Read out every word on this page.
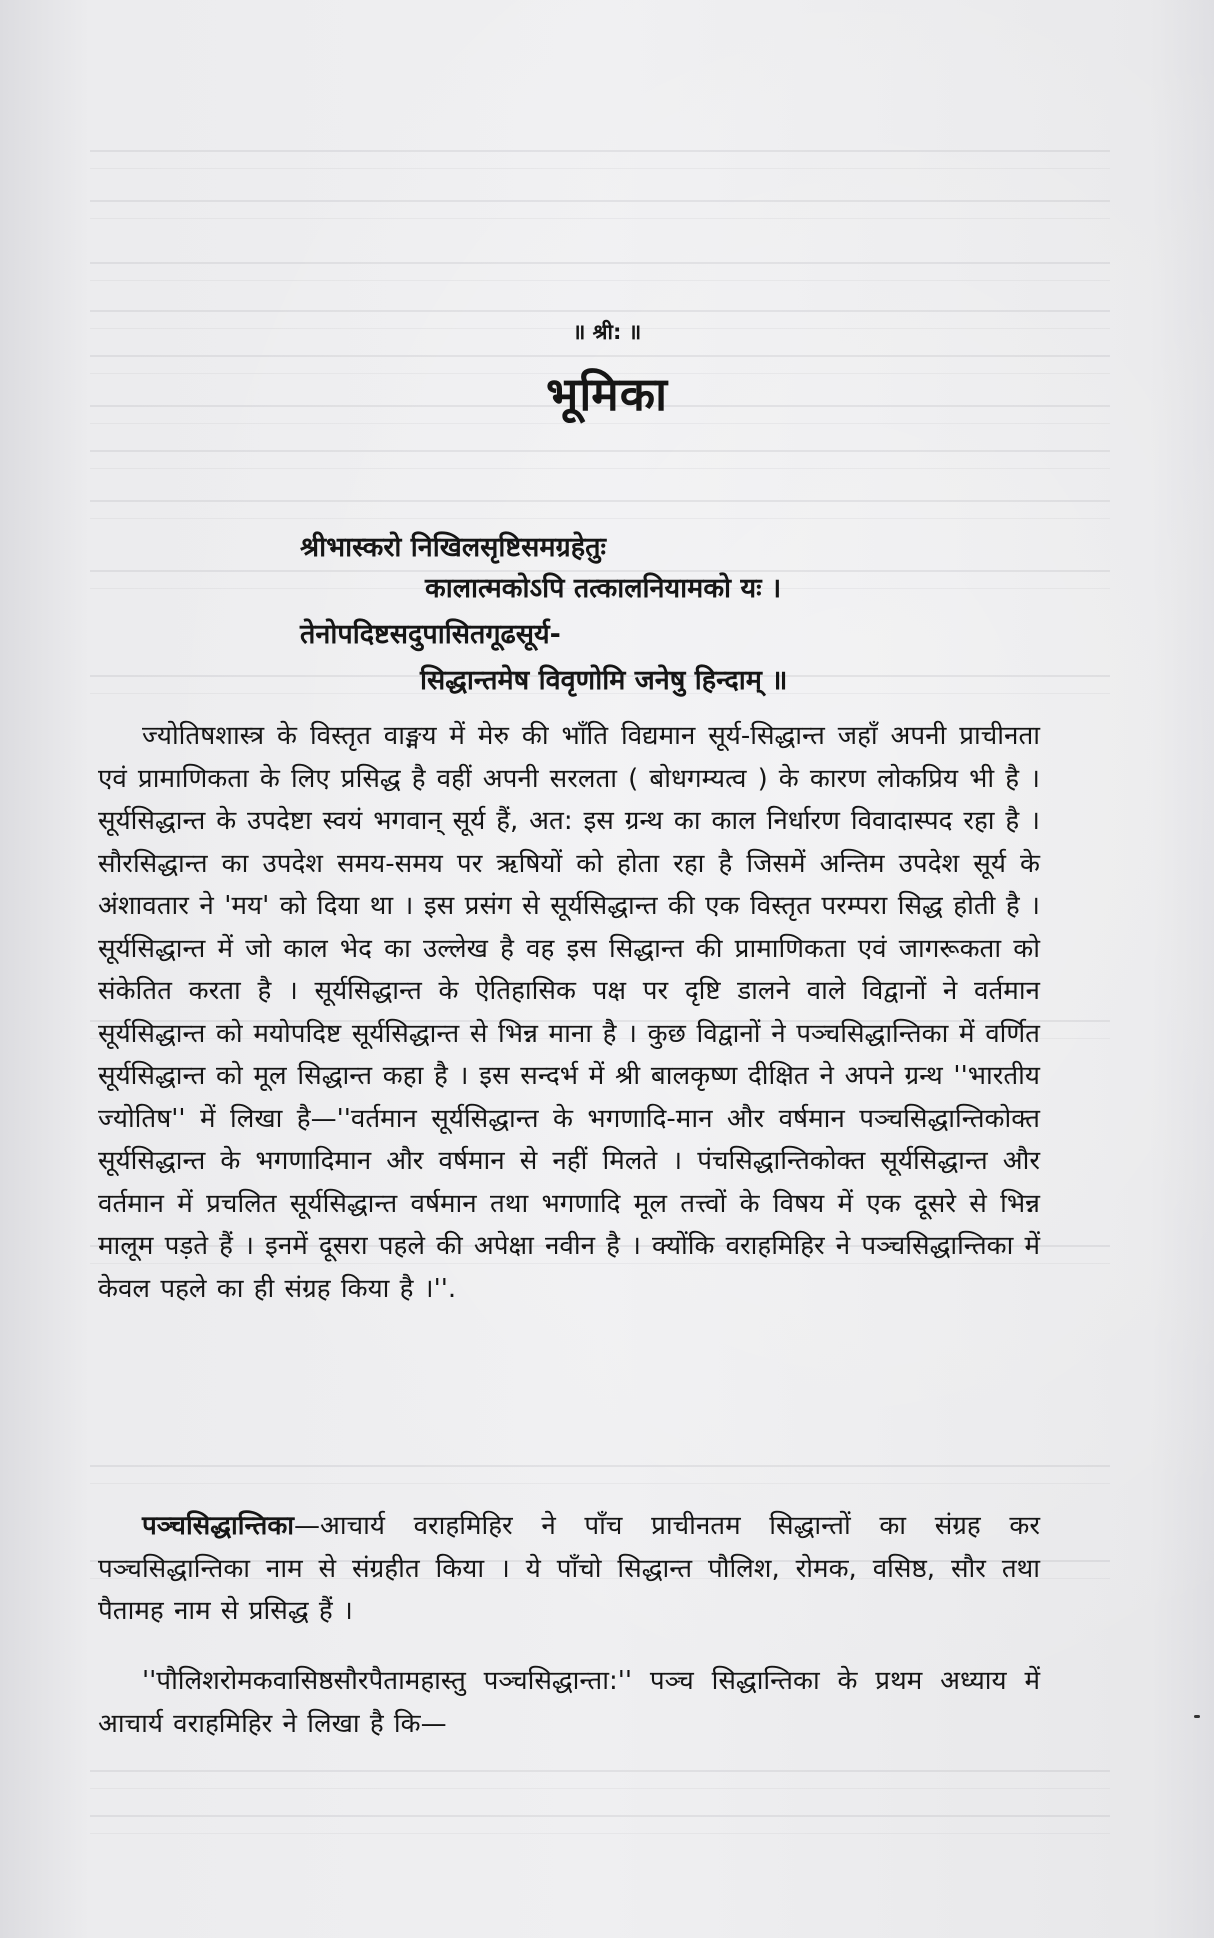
॥ श्री: ॥
भूमिका
श्रीभास्करो निखिलसृष्टिसमग्रहेतुः
कालात्मकोऽपि तत्कालनियामको यः ।
तेनोपदिष्टसदुपासितगूढसूर्य-
सिद्धान्तमेष विवृणोमि जनेषु हिन्दाम् ॥

ज्योतिषशास्त्र के विस्तृत वाङ्मय में मेरु की भाँति विद्यमान सूर्य-सिद्धान्त जहाँ अपनी प्राचीनता एवं प्रामाणिकता के लिए प्रसिद्ध है वहीं अपनी सरलता ( बोधगम्यत्व ) के कारण लोकप्रिय भी है । सूर्यसिद्धान्त के उपदेष्टा स्वयं भगवान् सूर्य हैं, अत: इस ग्रन्थ का काल निर्धारण विवादास्पद रहा है । सौरसिद्धान्त का उपदेश समय-समय पर ऋषियों को होता रहा है जिसमें अन्तिम उपदेश सूर्य के अंशावतार ने 'मय' को दिया था । इस प्रसंग से सूर्यसिद्धान्त की एक विस्तृत परम्परा सिद्ध होती है । सूर्यसिद्धान्त में जो काल भेद का उल्लेख है वह इस सिद्धान्त की प्रामाणिकता एवं जागरूकता को संकेतित करता है । सूर्यसिद्धान्त के ऐतिहासिक पक्ष पर दृष्टि डालने वाले विद्वानों ने वर्तमान सूर्यसिद्धान्त को मयोपदिष्ट सूर्यसिद्धान्त से भिन्न माना है । कुछ विद्वानों ने पञ्चसिद्धान्तिका में वर्णित सूर्यसिद्धान्त को मूल सिद्धान्त कहा है । इस सन्दर्भ में श्री बालकृष्ण दीक्षित ने अपने ग्रन्थ ''भारतीय ज्योतिष'' में लिखा है—''वर्तमान सूर्यसिद्धान्त के भगणादि-मान और वर्षमान पञ्चसिद्धान्तिकोक्त सूर्यसिद्धान्त के भगणादिमान और वर्षमान से नहीं मिलते । पंचसिद्धान्तिकोक्त सूर्यसिद्धान्त और वर्तमान में प्रचलित सूर्यसिद्धान्त वर्षमान तथा भगणादि मूल तत्त्वों के विषय में एक दूसरे से भिन्न मालूम पड़ते हैं । इनमें दूसरा पहले की अपेक्षा नवीन है । क्योंकि वराहमिहिर ने पञ्चसिद्धान्तिका में केवल पहले का ही संग्रह किया है ।''.

पञ्चसिद्धान्तिका—आचार्य वराहमिहिर ने पाँच प्राचीनतम सिद्धान्तों का संग्रह कर पञ्चसिद्धान्तिका नाम से संग्रहीत किया । ये पाँचो सिद्धान्त पौलिश, रोमक, वसिष्ठ, सौर तथा पैतामह नाम से प्रसिद्ध हैं ।

''पौलिशरोमकवासिष्ठसौरपैतामहास्तु पञ्चसिद्धान्ता:'' पञ्च सिद्धान्तिका के प्रथम अध्याय में आचार्य वराहमिहिर ने लिखा है कि—
